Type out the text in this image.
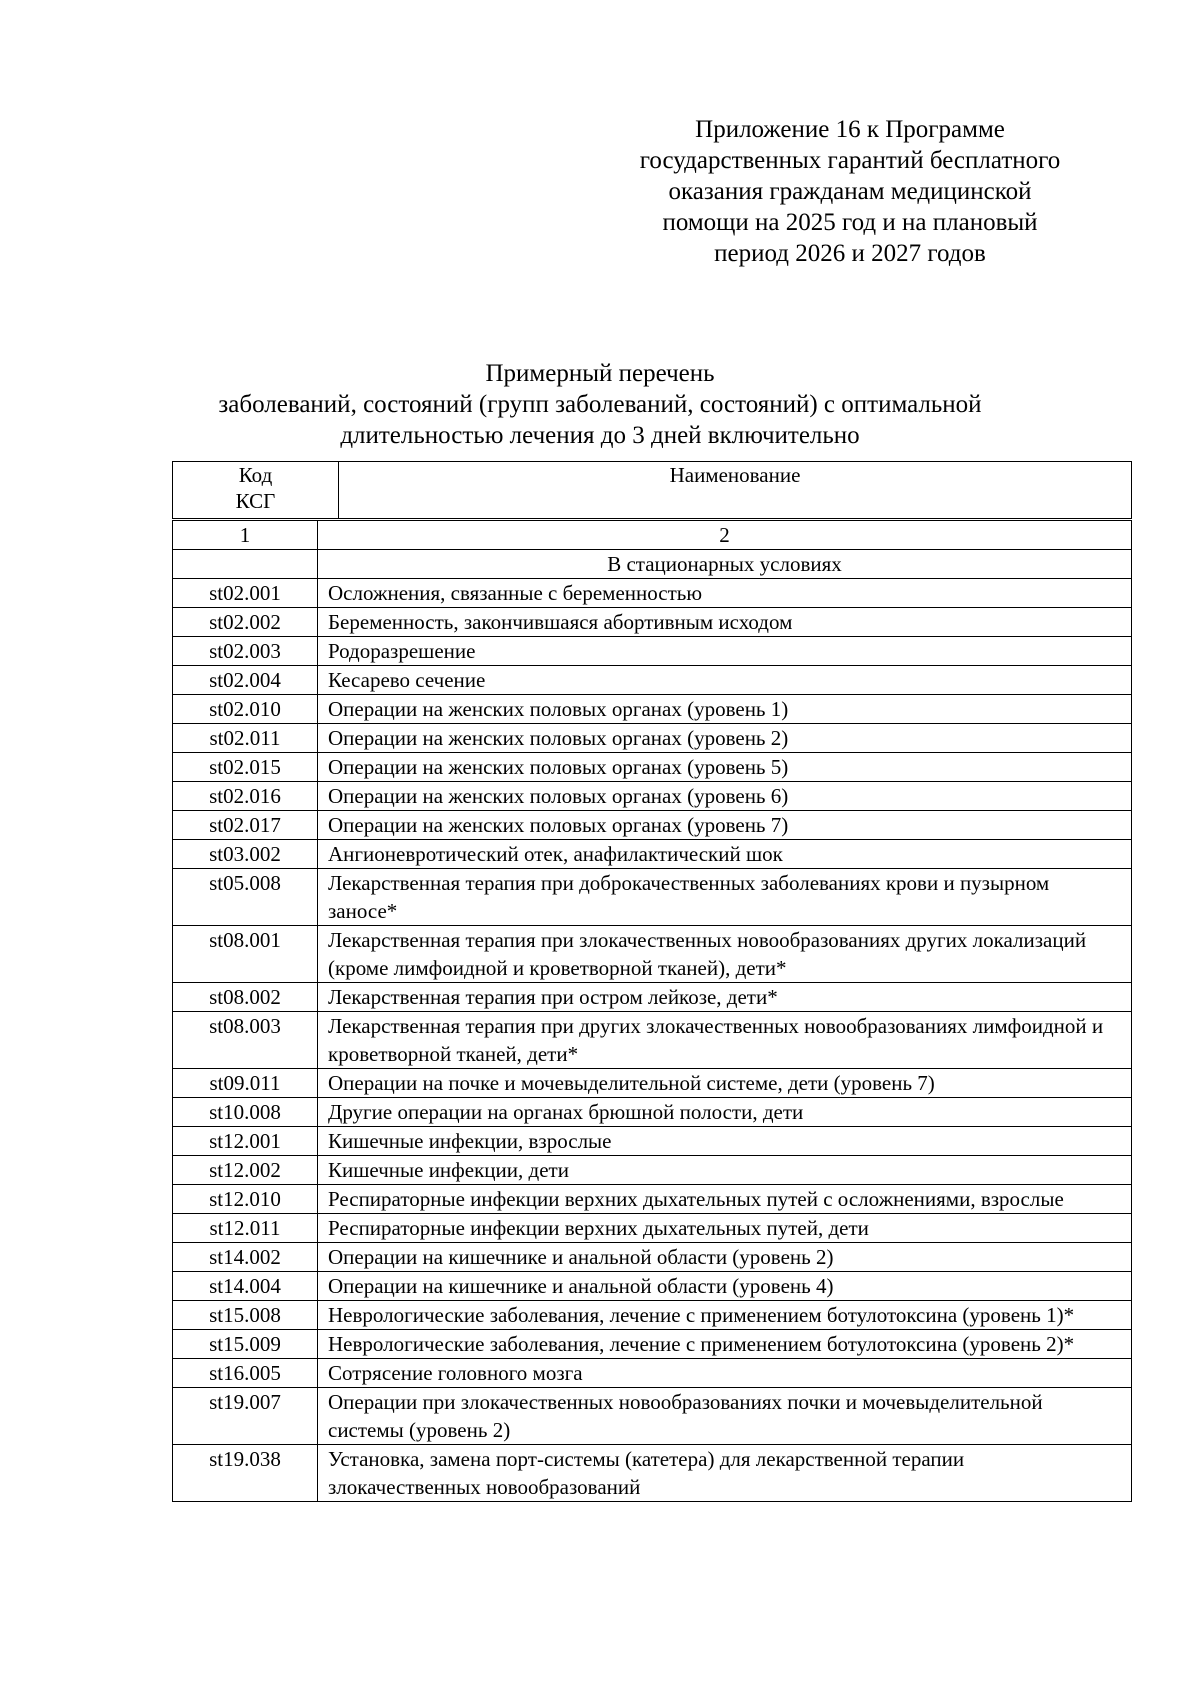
Приложение 16 к Программе
государственных гарантий бесплатного
оказания гражданам медицинской
помощи на 2025 год и на плановый
период 2026 и 2027 годов
Примерный перечень
заболеваний, состояний (групп заболеваний, состояний) с оптимальной
длительностью лечения до 3 дней включительно
Код
КСГ
	Наименование
1	2
	В стационарных условиях
st02.001	Осложнения, связанные с беременностью
st02.002	Беременность, закончившаяся абортивным исходом
st02.003	Родоразрешение
st02.004	Кесарево сечение
st02.010	Операции на женских половых органах (уровень 1)
st02.011	Операции на женских половых органах (уровень 2)
st02.015	Операции на женских половых органах (уровень 5)
st02.016	Операции на женских половых органах (уровень 6)
st02.017	Операции на женских половых органах (уровень 7)
st03.002	Ангионевротический отек, анафилактический шок
st05.008	Лекарственная терапия при доброкачественных заболеваниях крови и пузырном заносе*
st08.001	Лекарственная терапия при злокачественных новообразованиях других локализаций (кроме лимфоидной и кроветворной тканей), дети*
st08.002	Лекарственная терапия при остром лейкозе, дети*
st08.003	Лекарственная терапия при других злокачественных новообразованиях лимфоидной и кроветворной тканей, дети*
st09.011	Операции на почке и мочевыделительной системе, дети (уровень 7)
st10.008	Другие операции на органах брюшной полости, дети
st12.001	Кишечные инфекции, взрослые
st12.002	Кишечные инфекции, дети
st12.010	Респираторные инфекции верхних дыхательных путей с осложнениями, взрослые
st12.011	Респираторные инфекции верхних дыхательных путей, дети
st14.002	Операции на кишечнике и анальной области (уровень 2)
st14.004	Операции на кишечнике и анальной области (уровень 4)
st15.008	Неврологические заболевания, лечение с применением ботулотоксина (уровень 1)*
st15.009	Неврологические заболевания, лечение с применением ботулотоксина (уровень 2)*
st16.005	Сотрясение головного мозга
st19.007	Операции при злокачественных новообразованиях почки и мочевыделительной системы (уровень 2)
st19.038	Установка, замена порт-системы (катетера) для лекарственной терапии злокачественных новообразований
